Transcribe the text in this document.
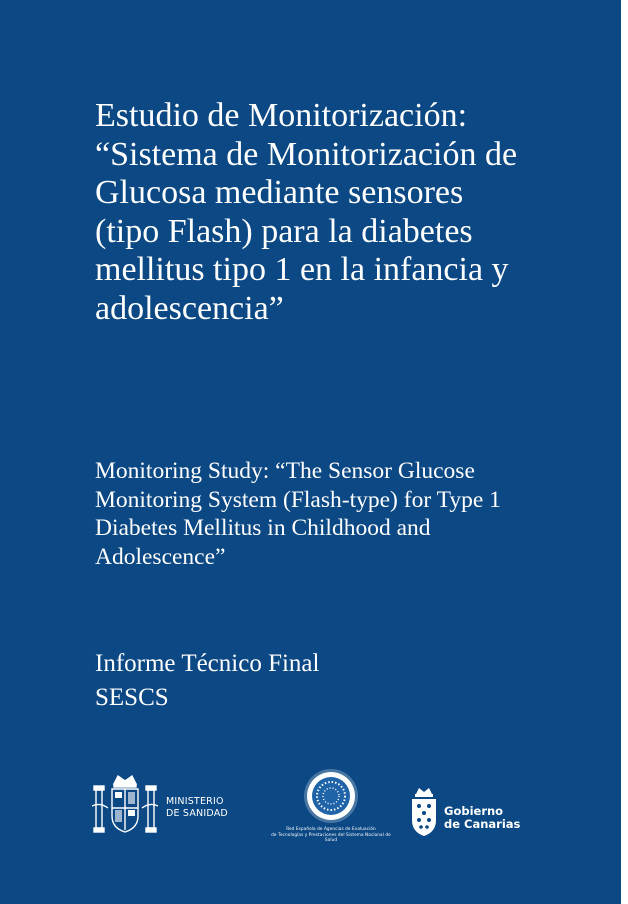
Estudio de Monitorización: “Sistema de Monitorización de Glucosa mediante sensores (tipo Flash) para la diabetes mellitus tipo 1 en la infancia y adolescencia”
Monitoring Study: “The Sensor Glucose Monitoring System (Flash-type) for Type 1 Diabetes Mellitus in Childhood and Adolescence”

Informe Técnico Final

SESCS

MINISTERIO
DE SANIDAD
Red Española de Agencias de Evaluación
de Tecnologías y Prestaciones del Sistema Nacional de Salud
Gobierno
de Canarias
